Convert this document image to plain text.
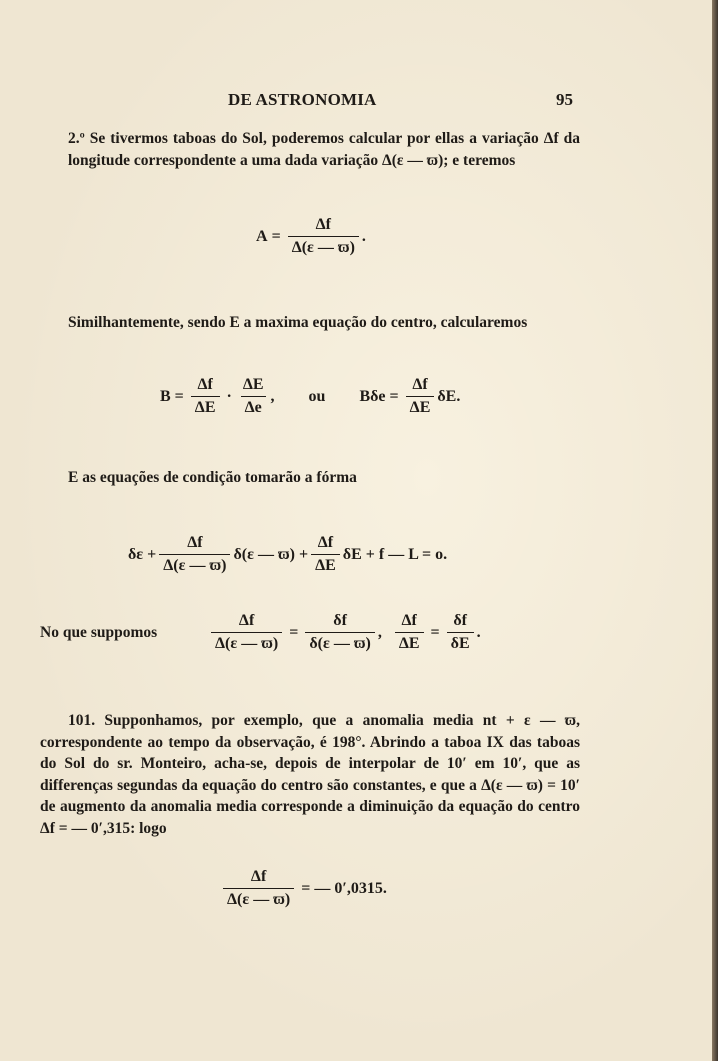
DE ASTRONOMIA	95
2.º Se tivermos taboas do Sol, poderemos calcular por ellas a variação Δf da longitude correspondente a uma dada variação Δ(ε — ϖ); e teremos
$A = \frac{\Delta f}{\Delta(\varepsilon — ϖ)}$ .
Similhantemente, sendo E a maxima equação do centro, calcularemos
$B = \frac{\Delta f}{\Delta E} \cdot \frac{\Delta E}{\Delta e}$ , ou $B\delta e = \frac{\Delta f}{\Delta E} \delta E$.
E as equações de condição tomarão a fórma
$\delta\varepsilon + \frac{\Delta f}{\Delta(\varepsilon — ϖ)} \delta(\varepsilon$ — $ϖ) + \frac{\Delta f}{\Delta E}$ δE + f — L = o.
No que suppomos	$\frac{\Delta f}{\Delta(\varepsilon — ϖ)} = \frac{\delta f}{\delta(\varepsilon — ϖ)}$ , $\frac{\Delta f}{\Delta E} = \frac{\delta f}{\delta E}$ .
101. Supponhamos, por exemplo, que a anomalia media nt + ε — ϖ, correspondente ao tempo da observação, é 198°. Abrindo a taboa IX das taboas do Sol do sr. Monteiro, acha-se, depois de interpolar de 10′ em 10′, que as differenças segundas da equação do centro são constantes, e que a Δ(ε — ϖ) = 10′ de augmento da anomalia media corresponde a diminuição da equação do centro Δf = — 0′,315: logo
$\frac{\Delta f}{\Delta(\varepsilon — ϖ)}$ = — 0′,0315.
